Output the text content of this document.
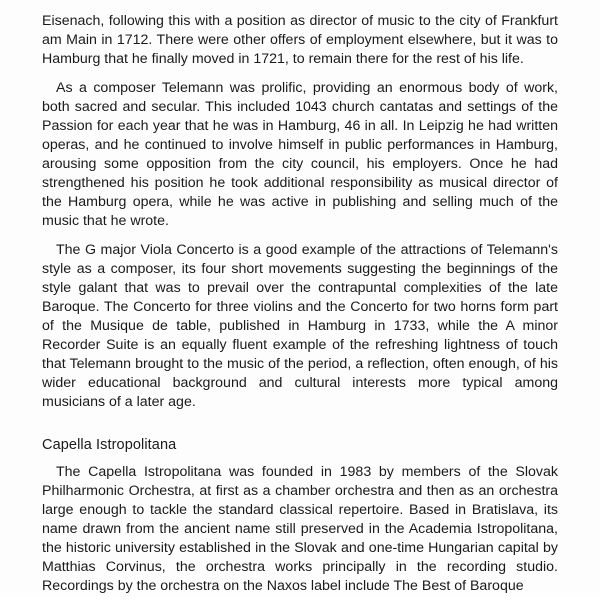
Eisenach, following this with a position as director of music to the city of Frankfurt am Main in 1712. There were other offers of employment elsewhere, but it was to Hamburg that he finally moved in 1721, to remain there for the rest of his life.

As a composer Telemann was prolific, providing an enormous body of work, both sacred and secular. This included 1043 church cantatas and settings of the Passion for each year that he was in Hamburg, 46 in all. In Leipzig he had written operas, and he continued to involve himself in public performances in Hamburg, arousing some opposition from the city council, his employers. Once he had strengthened his position he took additional responsibility as musical director of the Hamburg opera, while he was active in publishing and selling much of the music that he wrote.

The G major Viola Concerto is a good example of the attractions of Telemann's style as a composer, its four short movements suggesting the beginnings of the style galant that was to prevail over the contrapuntal complexities of the late Baroque. The Concerto for three violins and the Concerto for two horns form part of the Musique de table, published in Hamburg in 1733, while the A minor Recorder Suite is an equally fluent example of the refreshing lightness of touch that Telemann brought to the music of the period, a reflection, often enough, of his wider educational background and cultural interests more typical among musicians of a later age.

Capella Istropolitana

The Capella Istropolitana was founded in 1983 by members of the Slovak Philharmonic Orchestra, at first as a chamber orchestra and then as an orchestra large enough to tackle the standard classical repertoire. Based in Bratislava, its name drawn from the ancient name still preserved in the Academia Istropolitana, the historic university established in the Slovak and one-time Hungarian capital by Matthias Corvinus, the orchestra works principally in the recording studio. Recordings by the orchestra on the Naxos label include The Best of Baroque
